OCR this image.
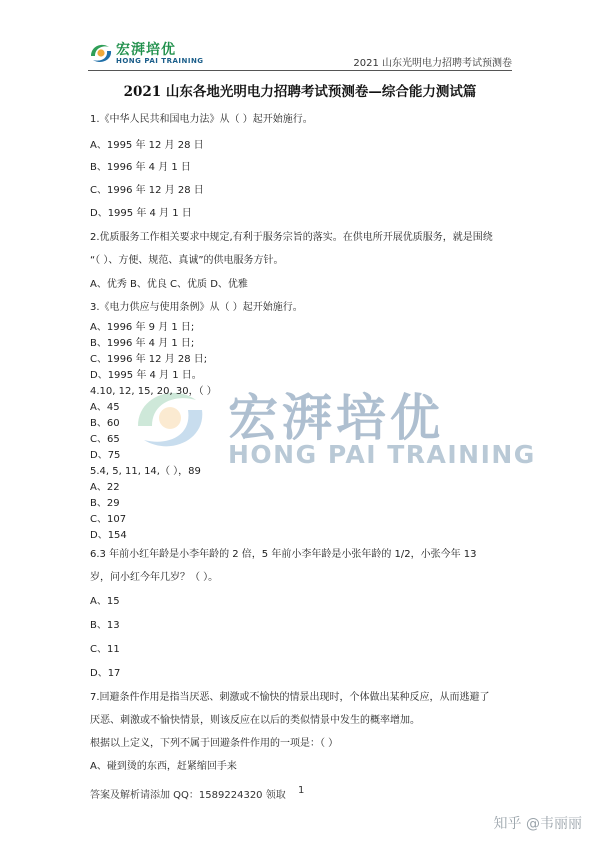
宏湃培优
HONG PAI TRAINING	2021 山东光明电力招聘考试预测卷
2021 山东各地光明电力招聘考试预测卷—综合能力测试篇
宏湃培优
HONG PAI TRAINING
1.《中华人民共和国电力法》从（ ）起开始施行。
A、1995 年 12 月 28 日
B、1996 年 4 月 1 日
C、1996 年 12 月 28 日
D、1995 年 4 月 1 日
2.优质服务工作相关要求中规定,有利于服务宗旨的落实。在供电所开展优质服务，就是围绕
“（ ）、方便、规范、真诚”的供电服务方针。
A、优秀 B、优良 C、优质 D、优雅
3.《电力供应与使用条例》从（ ）起开始施行。
A、1996 年 9 月 1 日;
B、1996 年 4 月 1 日;
C、1996 年 12 月 28 日;
D、1995 年 4 月 1 日。
4.10, 12, 15, 20, 30，（ ）
A、45
B、60
C、65
D、75
5.4, 5, 11, 14,（ ），89
A、22
B、29
C、107
D、154
6.3 年前小红年龄是小李年龄的 2 倍，5 年前小李年龄是小张年龄的 1/2，小张今年 13
岁，问小红今年几岁？（ ）。
A、15
B、13
C、11
D、17
7.回避条件作用是指当厌恶、刺激或不愉快的情景出现时，个体做出某种反应，从而逃避了
厌恶、刺激或不愉快情景，则该反应在以后的类似情景中发生的概率增加。
根据以上定义，下列不属于回避条件作用的一项是：（ ）
A、碰到烫的东西，赶紧缩回手来
答案及解析请添加 QQ：1589224320 领取 1
知乎 @韦丽丽
